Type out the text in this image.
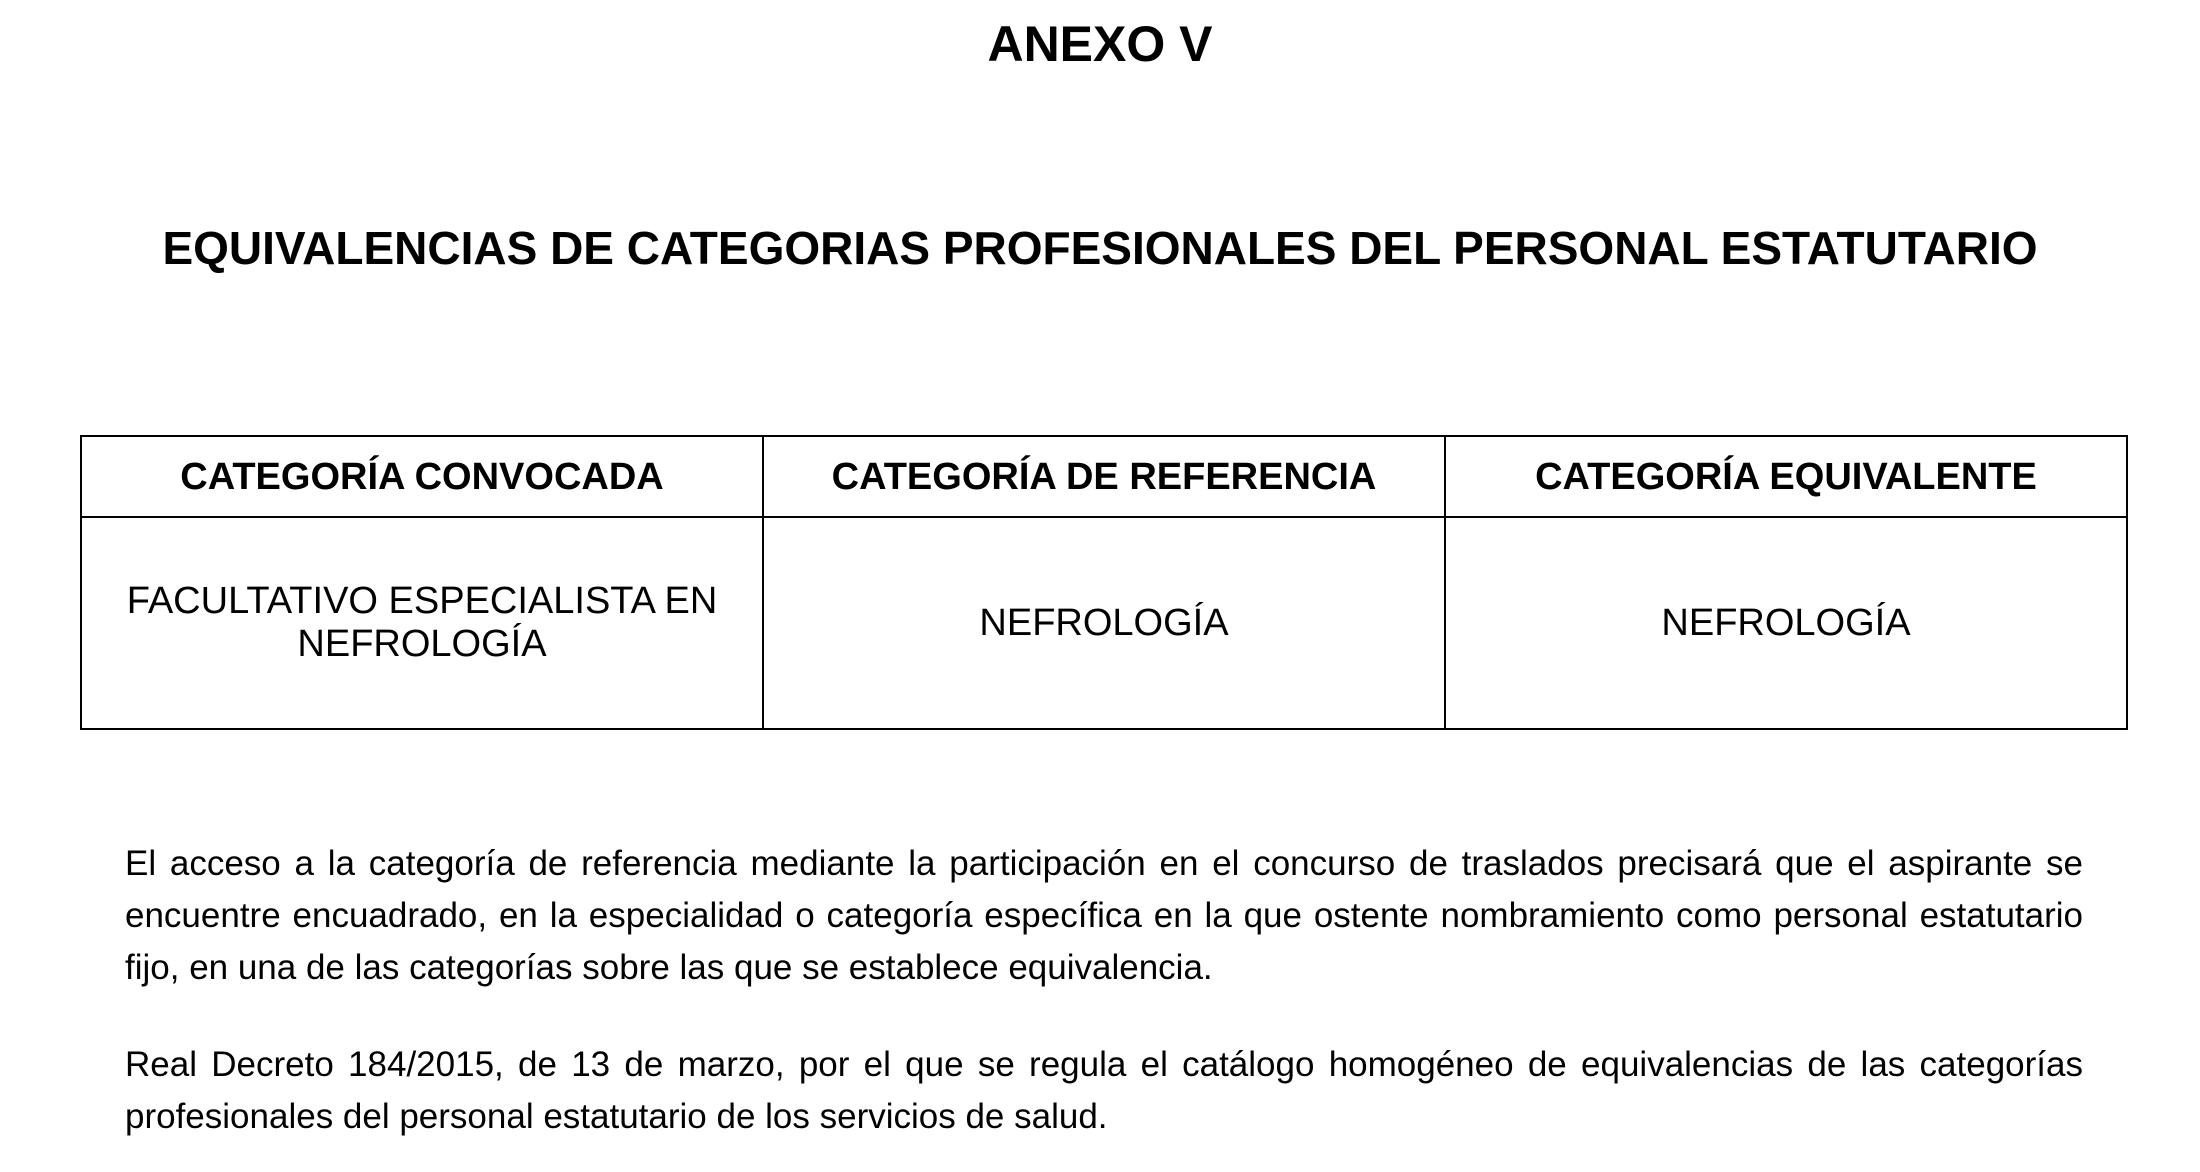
ANEXO V
EQUIVALENCIAS DE CATEGORIAS PROFESIONALES DEL PERSONAL ESTATUTARIO
CATEGORÍA CONVOCADA	CATEGORÍA DE REFERENCIA	CATEGORÍA EQUIVALENTE
FACULTATIVO ESPECIALISTA EN NEFROLOGÍA	NEFROLOGÍA	NEFROLOGÍA

El acceso a la categoría de referencia mediante la participación en el concurso de traslados precisará que el aspirante se encuentre encuadrado, en la especialidad o categoría específica en la que ostente nombramiento como personal estatutario fijo, en una de las categorías sobre las que se establece equivalencia.

Real Decreto 184/2015, de 13 de marzo, por el que se regula el catálogo homogéneo de equivalencias de las categorías profesionales del personal estatutario de los servicios de salud.
